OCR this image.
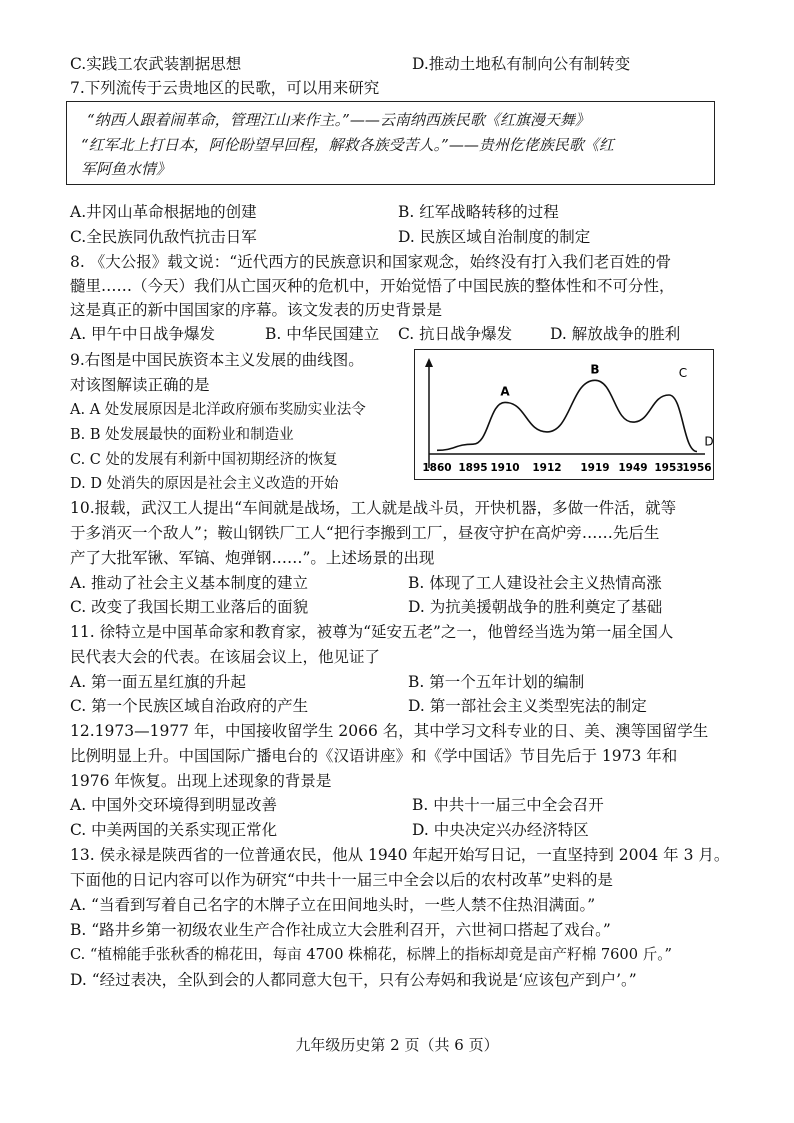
C.实践工农武装割据思想	D.推动土地私有制向公有制转变
7.下列流传于云贵地区的民歌，可以用来研究
“纳西人跟着闹革命，管理江山来作主。”——云南纳西族民歌《红旗漫天舞》
“红军北上打日本，阿伦盼望早回程，解救各族受苦人。”——贵州仡佬族民歌《红
军阿鱼水情》
A.井冈山革命根据地的创建	B. 红军战略转移的过程
C.全民族同仇敌忾抗击日军	D. 民族区域自治制度的制定
8. 《大公报》载文说：“近代西方的民族意识和国家观念，始终没有打入我们老百姓的骨
髓里……（今天）我们从亡国灭种的危机中，开始觉悟了中国民族的整体性和不可分性，
这是真正的新中国国家的序幕。该文发表的历史背景是
A. 甲午中日战争爆发	B. 中华民国建立 C. 抗日战争爆发 D. 解放战争的胜利
9.右图是中国民族资本主义发展的曲线图。
对该图解读正确的是
A. A 处发展原因是北洋政府颁布奖励实业法令
B. B 处发展最快的面粉业和制造业
C. C 处的发展有利新中国初期经济的恢复
D. D 处消失的原因是社会主义改造的开始
1860 1895 1910 1912 1919 1949 1953
1956
A
B	C
D
10.报载，武汉工人提出“车间就是战场，工人就是战斗员，开快机器，多做一件活，就等
于多消灭一个敌人”；鞍山钢铁厂工人“把行李搬到工厂，昼夜守护在高炉旁……先后生
产了大批军锹、军镐、炮弹钢……”。上述场景的出现
A. 推动了社会主义基本制度的建立	B. 体现了工人建设社会主义热情高涨
C. 改变了我国长期工业落后的面貌	D. 为抗美援朝战争的胜利奠定了基础
11. 徐特立是中国革命家和教育家，被尊为“延安五老”之一，他曾经当选为第一届全国人
民代表大会的代表。在该届会议上，他见证了
A. 第一面五星红旗的升起	B. 第一个五年计划的编制
C. 第一个民族区域自治政府的产生	D. 第一部社会主义类型宪法的制定
12.1973—1977 年，中国接收留学生 2066 名，其中学习文科专业的日、美、澳等国留学生
比例明显上升。中国国际广播电台的《汉语讲座》和《学中国话》节目先后于 1973 年和
1976 年恢复。出现上述现象的背景是
A. 中国外交环境得到明显改善	B. 中共十一届三中全会召开
C. 中美两国的关系实现正常化	D. 中央决定兴办经济特区
13. 侯永禄是陕西省的一位普通农民，他从 1940 年起开始写日记，一直坚持到 2004 年 3 月。
下面他的日记内容可以作为研究“中共十一届三中全会以后的农村改革”史料的是
A. “当看到写着自己名字的木牌子立在田间地头时，一些人禁不住热泪满面。”
B. “路井乡第一初级农业生产合作社成立大会胜利召开，六世祠口搭起了戏台。”
C. “植棉能手张秋香的棉花田，每亩 4700 株棉花，标牌上的指标却竟是亩产籽棉 7600 斤。”
D. “经过表决，全队到会的人都同意大包干，只有公寿妈和我说是‘应该包产到户’。”
九年级历史第 2 页（共 6 页）
